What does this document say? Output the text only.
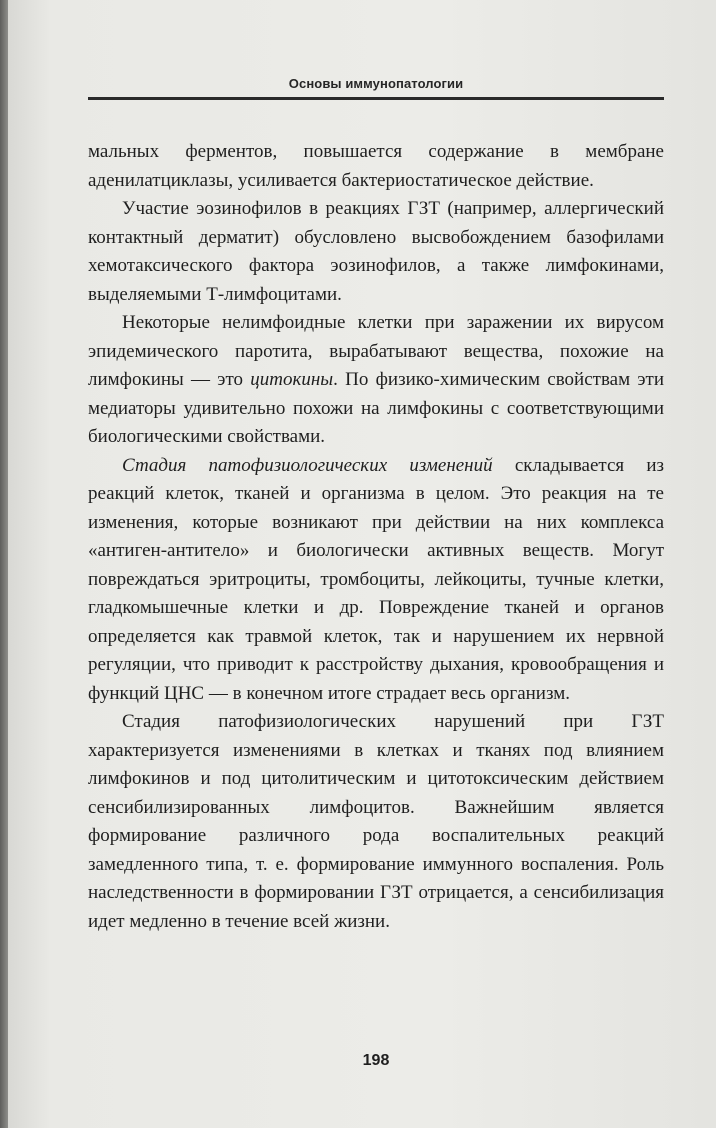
Основы иммунопатологии

мальных ферментов, повышается содержание в мембране аденилатциклазы, усиливается бактериостатическое действие.

Участие эозинофилов в реакциях ГЗТ (например, аллергический контактный дерматит) обусловлено высвобождением базофилами хемотаксического фактора эозинофилов, а также лимфокинами, выделяемыми Т-лимфоцитами.

Некоторые нелимфоидные клетки при заражении их вирусом эпидемического паротита, вырабатывают вещества, похожие на лимфокины — это цитокины. По физико-химическим свойствам эти медиаторы удивительно похожи на лимфокины с соответствующими биологическими свойствами.

Стадия патофизиологических изменений складывается из реакций клеток, тканей и организма в целом. Это реакция на те изменения, которые возникают при действии на них комплекса «антиген-антитело» и биологически активных веществ. Могут повреждаться эритроциты, тромбоциты, лейкоциты, тучные клетки, гладкомышечные клетки и др. Повреждение тканей и органов определяется как травмой клеток, так и нарушением их нервной регуляции, что приводит к расстройству дыхания, кровообращения и функций ЦНС — в конечном итоге страдает весь организм.

Стадия патофизиологических нарушений при ГЗТ характеризуется изменениями в клетках и тканях под влиянием лимфокинов и под цитолитическим и цитотоксическим действием сенсибилизированных лимфоцитов. Важнейшим является формирование различного рода воспалительных реакций замедленного типа, т. е. формирование иммунного воспаления. Роль наследственности в формировании ГЗТ отрицается, а сенсибилизация идет медленно в течение всей жизни.

198
